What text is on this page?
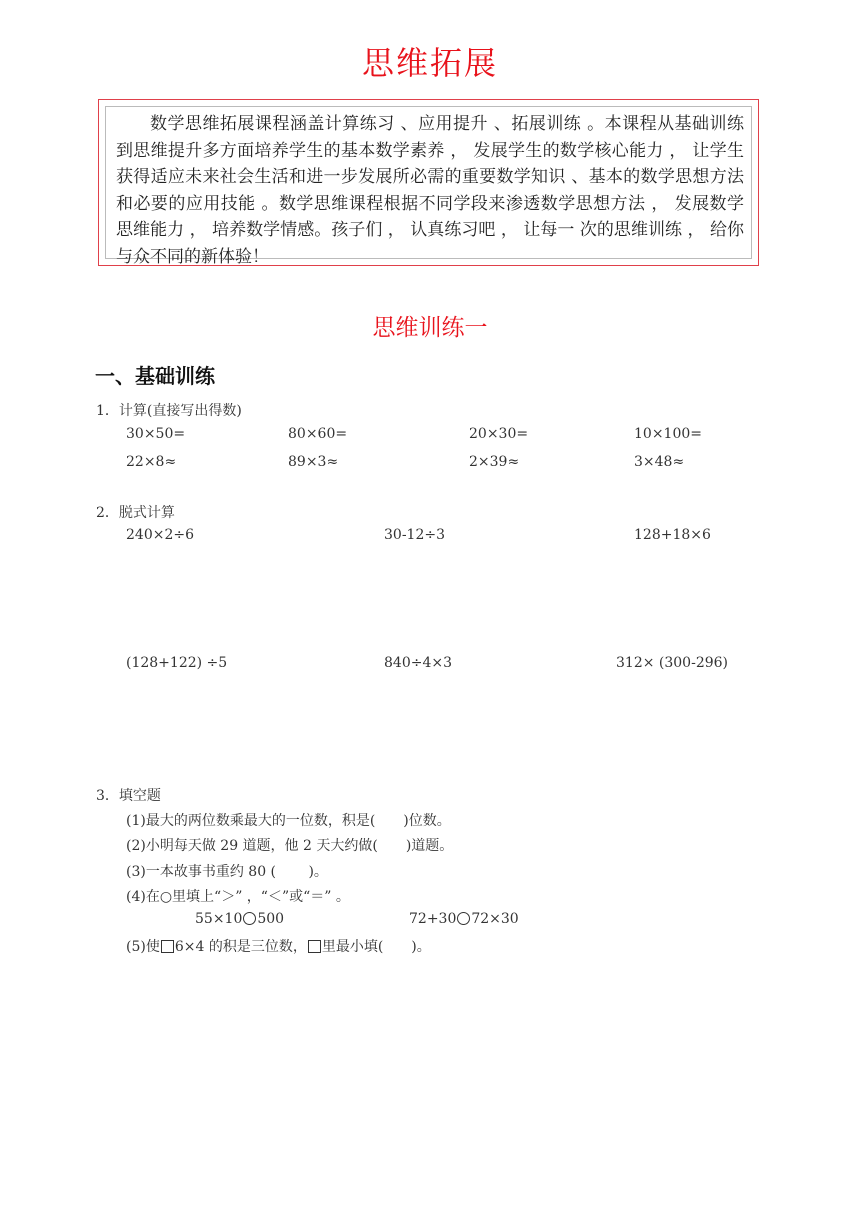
思维拓展
数学思维拓展课程涵盖计算练习 、应用提升 、拓展训练 。本课程从基础训练到思维提升多方面培养学生的基本数学素养 ， 发展学生的数学核心能力 ， 让学生获得适应未来社会生活和进一步发展所必需的重要数学知识 、基本的数学思想方法和必要的应用技能 。数学思维课程根据不同学段来渗透数学思想方法 ， 发展数学思维能力 ， 培养数学情感。孩子们 ， 认真练习吧 ， 让每一 次的思维训练 ， 给你与众不同的新体验！
思维训练一
一、基础训练
1．计算(直接写出得数)
30×50=	80×60=	20×30=	10×100=
22×8≈	89×3≈	2×39≈	3×48≈
2．脱式计算
240×2÷6	30-12÷3	128+18×6
(128+122) ÷5	840÷4×3	312× (300-296)
3．填空题
(1)最大的两位数乘最大的一位数，积是(　　)位数。
(2)小明每天做 29 道题，他 2 天大约做(　　)道题。
(3)一本故事书重约 80 (　　 )。
(4)在○里填上“＞” ，“＜”或“＝” 。
55×10 500	72+30 72×30
(5)使 6×4 的积是三位数， 里最小填(　　)。
